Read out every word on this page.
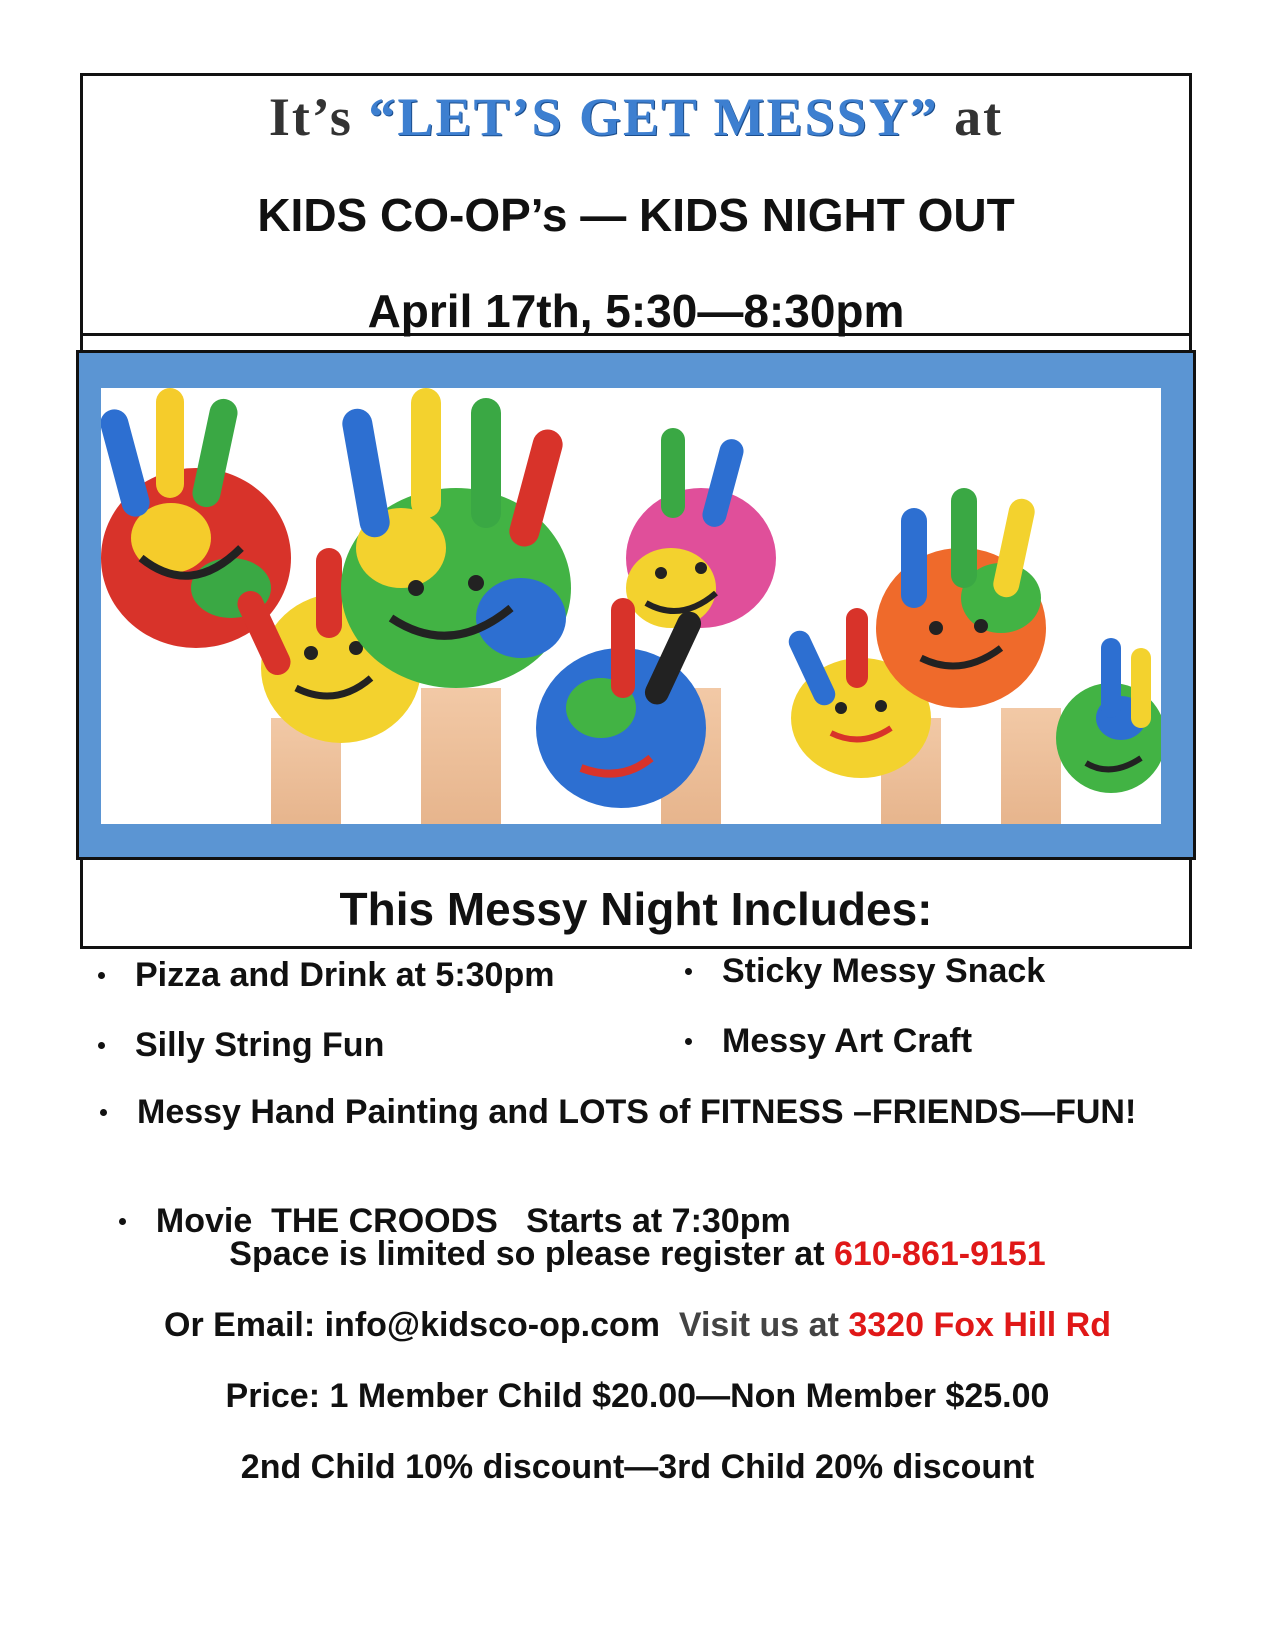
It’s “LET’S GET MESSY” at
KIDS CO-OP’s — KIDS NIGHT OUT
April 17th, 5:30—8:30pm
This Messy Night Includes:
Pizza and Drink at 5:30pm
Silly String Fun
Sticky Messy Snack
Messy Art Craft
Messy Hand Painting and LOTS of FITNESS –FRIENDS—FUN!

Movie  THE CROODS   Starts at 7:30pm

Space is limited so please register at 610-861-9151
Or Email: info@kidsco-op.com Visit us at 3320 Fox Hill Rd
Price: 1 Member Child $20.00—Non Member $25.00
2nd Child 10% discount—3rd Child 20% discount
